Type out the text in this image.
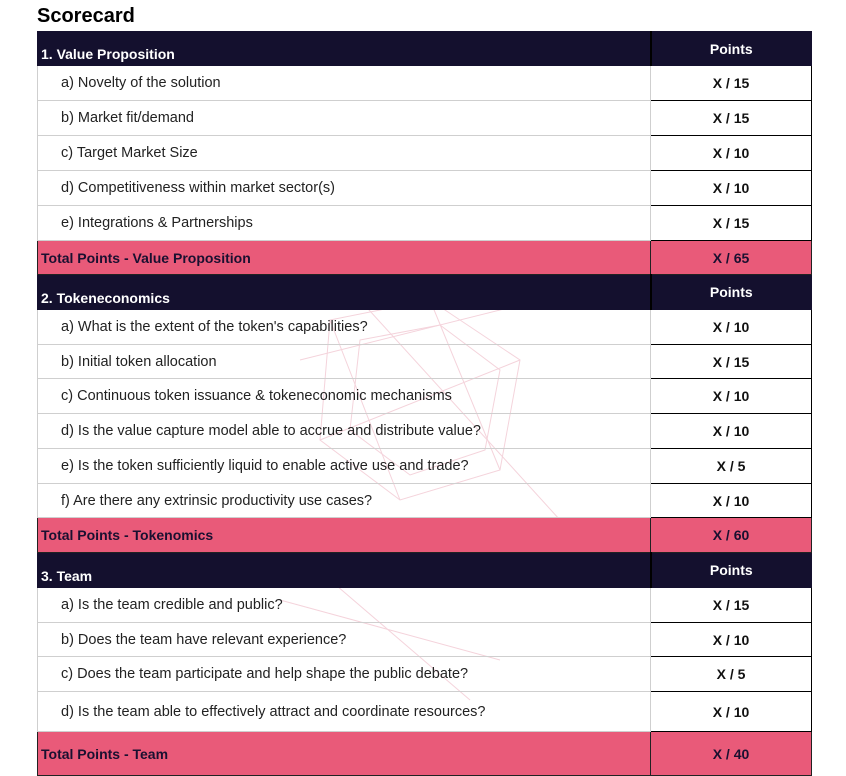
Scorecard
1. Value Proposition	Points
a) Novelty of the solution	X / 15
b) Market fit/demand	X / 15
c) Target Market Size	X / 10
d) Competitiveness within market sector(s)	X / 10
e) Integrations & Partnerships	X / 15
Total Points - Value Proposition	X / 65
2. Tokeneconomics	Points
a) What is the extent of the token's capabilities?	X / 10
b) Initial token allocation	X / 15
c) Continuous token issuance & tokeneconomic mechanisms	X / 10
d) Is the value capture model able to accrue and distribute value?	X / 10
e) Is the token sufficiently liquid to enable active use and trade?	X / 5
f) Are there any extrinsic productivity use cases?	X / 10
Total Points - Tokenomics	X / 60
3. Team	Points
a) Is the team credible and public?	X / 15
b) Does the team have relevant experience?	X / 10
c) Does the team participate and help shape the public debate?	X / 5
d) Is the team able to effectively attract and coordinate resources?	X / 10
Total Points - Team	X / 40
